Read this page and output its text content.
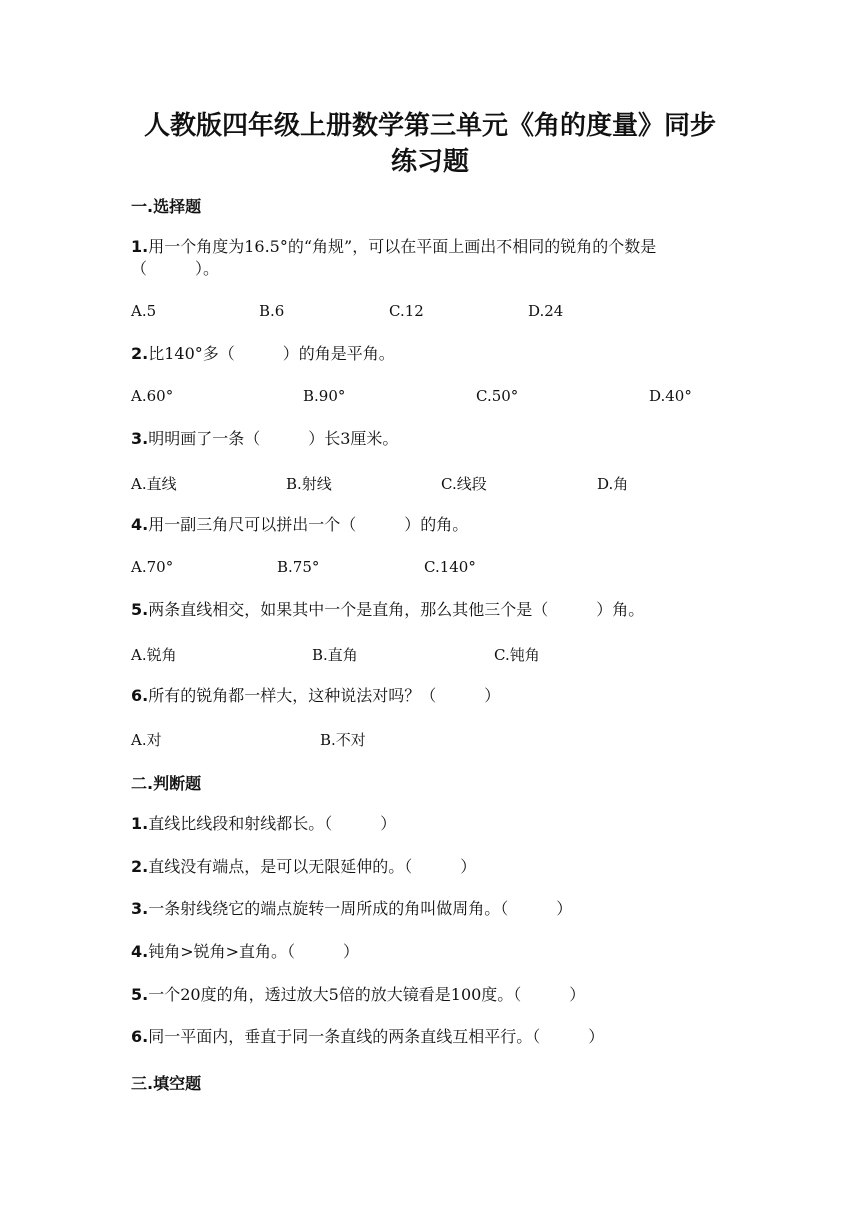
人教版四年级上册数学第三单元《角的度量》同步
练习题
一.选择题
1.用一个角度为16.5°的“角规”，可以在平面上画出不相同的锐角的个数是
（　　　）。
A.5	B.6	C.12	D.24
2.比140°多（　　　）的角是平角。
A.60°	B.90°	C.50°	D.40°
3.明明画了一条（　　　）长3厘米。
A.直线	B.射线	C.线段	D.角
4.用一副三角尺可以拼出一个（　　　）的角。
A.70°	B.75°	C.140°
5.两条直线相交，如果其中一个是直角，那么其他三个是（　　　）角。
A.锐角	B.直角	C.钝角
6.所有的锐角都一样大，这种说法对吗？（　　　）
A.对	B.不对
二.判断题
1.直线比线段和射线都长。（　　　）
2.直线没有端点，是可以无限延伸的。（　　　）
3.一条射线绕它的端点旋转一周所成的角叫做周角。（　　　）
4.钝角>锐角>直角。（　　　）
5.一个20度的角，透过放大5倍的放大镜看是100度。（　　　）
6.同一平面内，垂直于同一条直线的两条直线互相平行。（　　　）
三.填空题
